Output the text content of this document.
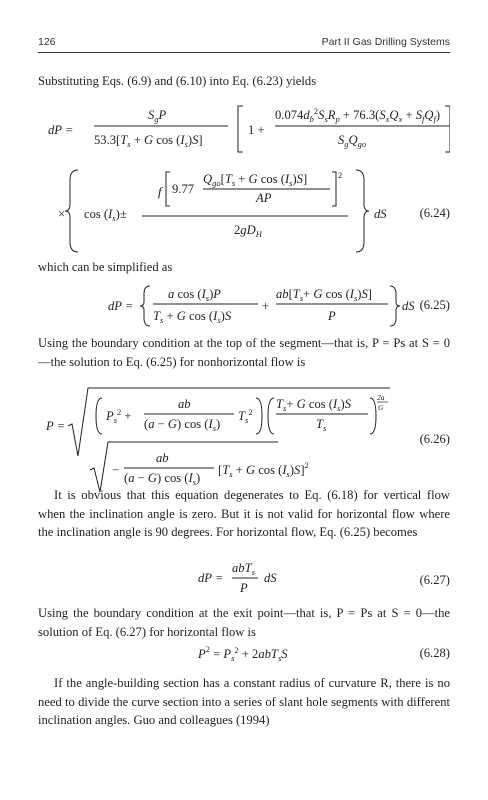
126	Part II Gas Drilling Systems

Substituting Eqs. (6.9) and (6.10) into Eq. (6.23) yields

dP =
$S_gP$
$53.3[T_s + G$ $\cos (I_s)S$]
1 +
$0.074d_b^2S_sR_p + 76.3(S_xQ_x + S_fQ_f)$
$S_gQ_{go}$
× $\cos (I_s)\pm$
f 9.77
$Q_{go}[T_s + G$ $\cos (I_s)S$]
AP
2
$2gD_H$
dS	(6.24)

which can be simplified as

dP =
a $\cos (I_s)P$
$T_s + G$ $\cos (I_s)S$
+
$ab[T_s+ G$ $\cos (I_s)S$]
P
dS (6.25)

Using the boundary condition at the top of the segment—that is, P = Ps at S = 0—the solution to Eq. (6.25) for nonhorizontal flow is

P =
$P_s^2$ +
ab
(a − G) $\cos (I_s)$
$T_s^2$
$T_s+ G$ $\cos (I_s)S$
$T_s$
2a
G
−
ab
(a − G) $\cos (I_s)$
[$T_s + G$ $\cos (I_s)S]^2$
(6.26)

It is obvious that this equation degenerates to Eq. (6.18) for vertical flow when the inclination angle is zero. But it is not valid for horizontal flow where the inclination angle is 90 degrees. For horizontal flow, Eq. (6.25) becomes

dP =
abT$_s$
P
dS	(6.27)

Using the boundary condition at the exit point—that is, P = Ps at S = 0—the solution of Eq. (6.27) for horizontal flow is

$P^2 = P_s^2 + 2abT_sS$	(6.28)

If the angle-building section has a constant radius of curvature R, there is no need to divide the curve section into a series of slant hole segments with different inclination angles. Guo and colleagues (1994)
